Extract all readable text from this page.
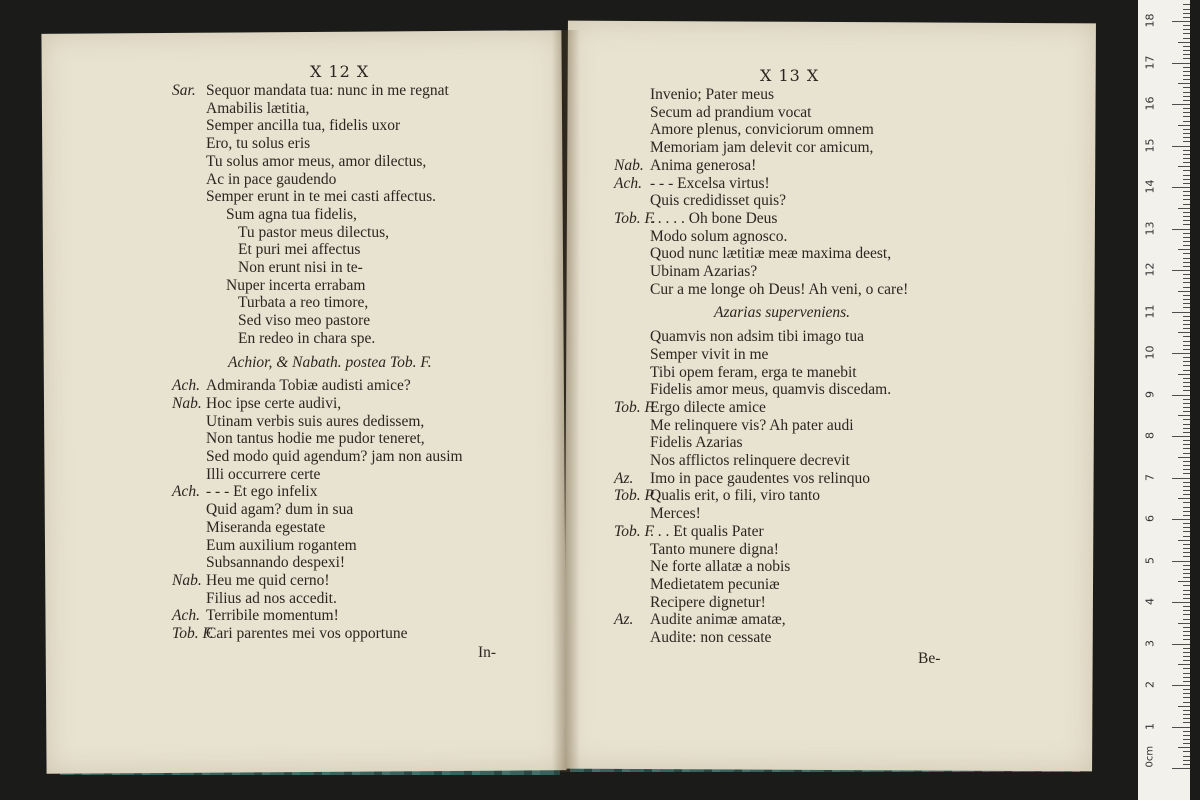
X 12 X	X 13 X
Sar. Sequor mandata tua: nunc in me regnat
Amabilis lætitia,
Semper ancilla tua, fidelis uxor
Ero, tu solus eris
Tu solus amor meus, amor dilectus,
Ac in pace gaudendo
Semper erunt in te mei casti affectus.
Sum agna tua fidelis,
Tu pastor meus dilectus,
Et puri mei affectus
Non erunt nisi in te-
Nuper incerta errabam
Turbata a reo timore,
Sed viso meo pastore
En redeo in chara spe.
Achior, & Nabath. postea Tob. F.
Ach. Admiranda Tobiæ audisti amice?
Nab. Hoc ipse certe audivi,
Utinam verbis suis aures dedissem,
Non tantus hodie me pudor teneret,
Sed modo quid agendum? jam non ausim
Illi occurrere certe
Ach. - - - Et ego infelix
Quid agam? dum in sua
Miseranda egestate
Eum auxilium rogantem
Subsannando despexi!
Nab. Heu me quid cerno!
Filius ad nos accedit.
Ach. Terribile momentum!
Tob. F.
Cari parentes mei vos opportune
Invenio; Pater meus
Secum ad prandium vocat
Amore plenus, conviciorum omnem
Memoriam jam delevit cor amicum,
Nab. Anima generosa!
Ach. - - - Excelsa virtus!
Quis credidisset quis?
Tob. F.
. . . . . Oh bone Deus
Modo solum agnosco.
Quod nunc lætitiæ meæ maxima deest,
Ubinam Azarias?
Cur a me longe oh Deus! Ah veni, o care!
Azarias superveniens.
Quamvis non adsim tibi imago tua
Semper vivit in me
Tibi opem feram, erga te manebit
Fidelis amor meus, quamvis discedam.
Tob. F.
Ergo dilecte amice
Me relinquere vis? Ah pater audi
Fidelis Azarias
Nos afflictos relinquere decrevit
Az. Imo in pace gaudentes vos relinquo
Tob. P.
Qualis erit, o fili, viro tanto
Merces!
Tob. F
. . . Et qualis Pater
Tanto munere digna!
Ne forte allatæ a nobis
Medietatem pecuniæ
Recipere dignetur!
Az. Audite animæ amatæ,
Audite: non cessate
In-	Be-
1
2
3
4
5
6
7
8
9
10
11
12
13
14
15
16
17
18
0cm
